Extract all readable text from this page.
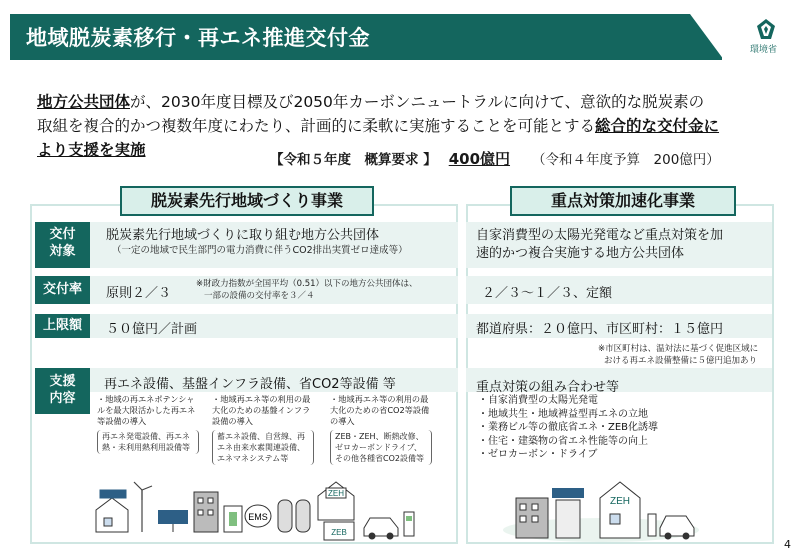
地域脱炭素移行・再エネ推進交付金	環境省
地方公共団体が、2030年度目標及び2050年カーボンニュートラルに向けて、意欲的な脱炭素の
取組を複合的かつ複数年度にわたり、計画的に柔軟に実施することを可能とする総合的な交付金に
より支援を実施
【令和５年度　概算要求 】 400億円 （令和４年度予算　200億円）
脱炭素先行地域づくり事業	重点対策加速化事業
交付対象
交付率
上限額
支援内容
脱炭素先行地域づくりに取り組む地方公共団体
（一定の地域で民生部門の電力消費に伴うCO2排出実質ゼロ達成等）
原則２／３
※財政力指数が全国平均（0.51）以下の地方公共団体は、
一部の設備の交付率を３／４
５０億円／計画
再エネ設備、基盤インフラ設備、省CO2等設備 等
・地域の再エネポテンシャルを最大限活かした再エネ等設備の導入
再エネ発電設備、再エネ熱・未利用熱利用設備等
・地域再エネ等の利用の最大化のための基盤インフラ設備の導入
蓄エネ設備、自営線、再エネ由来水素関連設備、エネマネシステム等
・地域再エネ等の利用の最大化のための省CO2等設備の導入
ZEB・ZEH、断熱改修、ゼロカーボンドライブ、その他各種省CO2設備等
EMS
ZEH
ZEB
自家消費型の太陽光発電など重点対策を加
速的かつ複合実施する地方公共団体
２／３～１／３、定額
都道府県：２０億円、市区町村：１５億円
※市区町村は、温対法に基づく促進区域に
おける再エネ設備整備に５億円追加あり
重点対策の組み合わせ等
・自家消費型の太陽光発電
・地域共生・地域裨益型再エネの立地
・業務ビル等の徹底省エネ・ZEB化誘導
・住宅・建築物の省エネ性能等の向上
・ゼロカーボン・ドライブ
ZEH
4
